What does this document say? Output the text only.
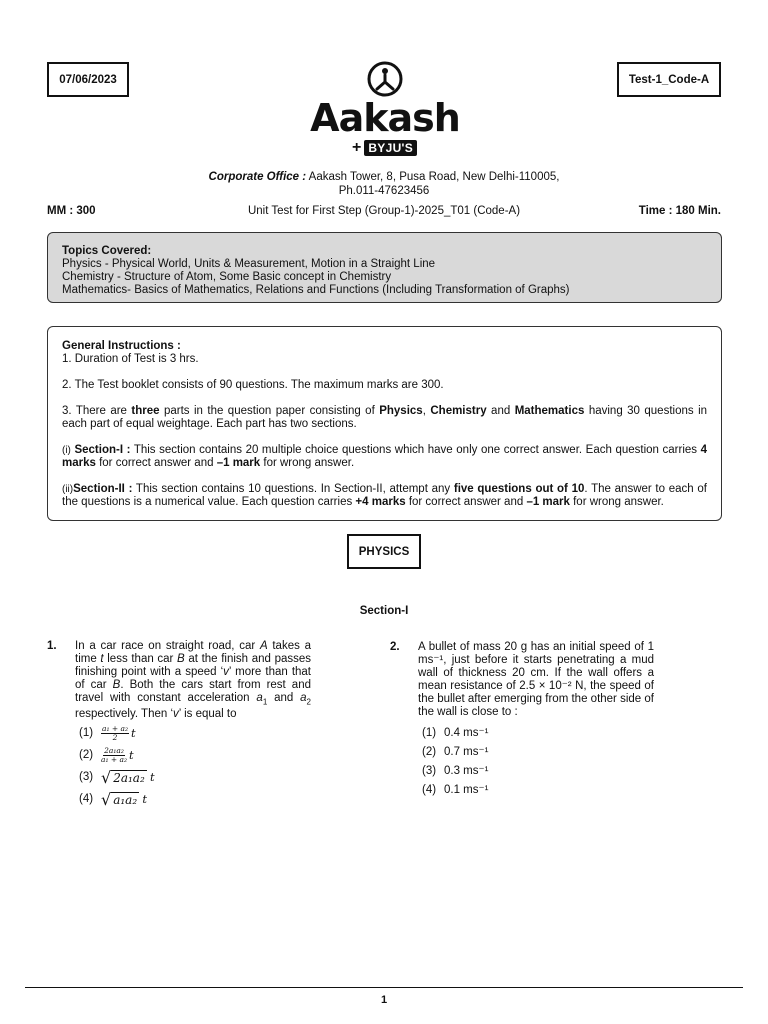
07/06/2023	Test-1_Code-A
Aakash
+ BYJU'S
Corporate Office : Aakash Tower, 8, Pusa Road, New Delhi-110005,
Ph.011-47623456
MM : 300	Unit Test for First Step (Group-1)-2025_T01 (Code-A)	Time : 180 Min.
Topics Covered:
Physics - Physical World, Units & Measurement, Motion in a Straight Line
Chemistry - Structure of Atom, Some Basic concept in Chemistry
Mathematics- Basics of Mathematics, Relations and Functions (Including Transformation of Graphs)

General Instructions :

1. Duration of Test is 3 hrs.

2. The Test booklet consists of 90 questions. The maximum marks are 300.

3. There are three parts in the question paper consisting of Physics, Chemistry and Mathematics having 30 questions in each part of equal weightage. Each part has two sections.

(i) Section-I : This section contains 20 multiple choice questions which have only one correct answer. Each question carries 4 marks for correct answer and –1 mark for wrong answer.

(ii)Section-II : This section contains 10 questions. In Section-II, attempt any five questions out of 10. The answer to each of the questions is a numerical value. Each question carries +4 marks for correct answer and –1 mark for wrong answer.

PHYSICS
Section-I
1. In a car race on straight road, car A takes a time t less than car B at the finish and passes finishing point with a speed ‘v’ more than that of car B. Both the cars start from rest and travel with constant acceleration $a_1$ and $a_2$ respectively. Then ‘v’ is equal to
(1)	$\frac{\text{a₁ + a₂}}{2}$ t
(2)	$\frac{\text{2a₁a₂}}{\text{a₁ + a₂}}$ t
(3) √ 2a₁a₂
t
(4) √ a₁a₂
t
2. A bullet of mass 20 g has an initial speed of 1 ms⁻¹, just before it starts penetrating a mud wall of thickness 20 cm. If the wall offers a mean resistance of 2.5 × 10⁻² N, the speed of the bullet after emerging from the other side of the wall is close to :
(1) 0.4 ms⁻¹
(2) 0.7 ms⁻¹
(3) 0.3 ms⁻¹
(4) 0.1 ms⁻¹
1
